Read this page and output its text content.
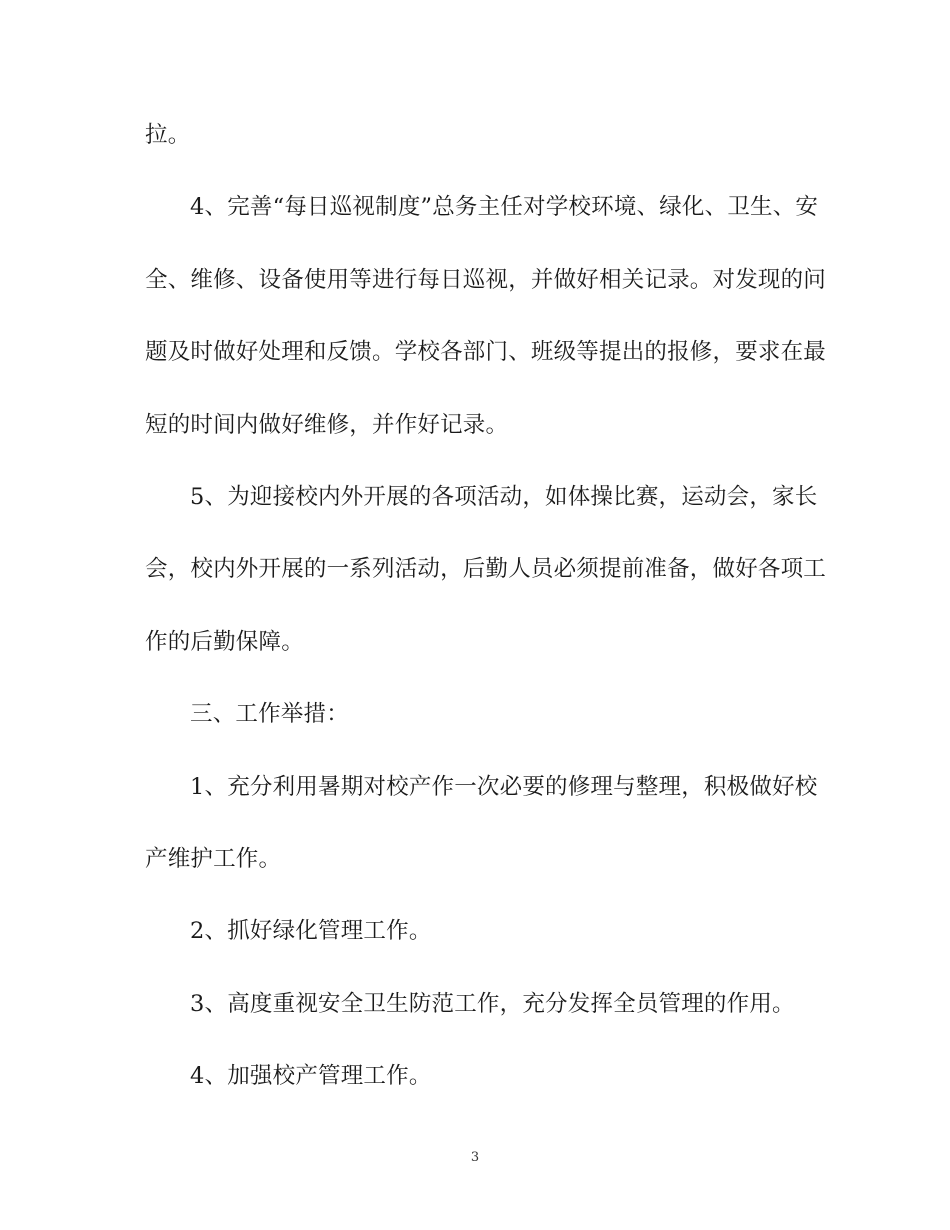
拉。
4、完善“每日巡视制度”总务主任对学校环境、绿化、卫生、安
全、维修、设备使用等进行每日巡视，并做好相关记录。对发现的问
题及时做好处理和反馈。学校各部门、班级等提出的报修，要求在最
短的时间内做好维修，并作好记录。
5、为迎接校内外开展的各项活动，如体操比赛，运动会，家长
会，校内外开展的一系列活动，后勤人员必须提前准备，做好各项工
作的后勤保障。
三、工作举措：
1、充分利用暑期对校产作一次必要的修理与整理，积极做好校
产维护工作。
2、抓好绿化管理工作。
3、高度重视安全卫生防范工作，充分发挥全员管理的作用。
4、加强校产管理工作。
3
